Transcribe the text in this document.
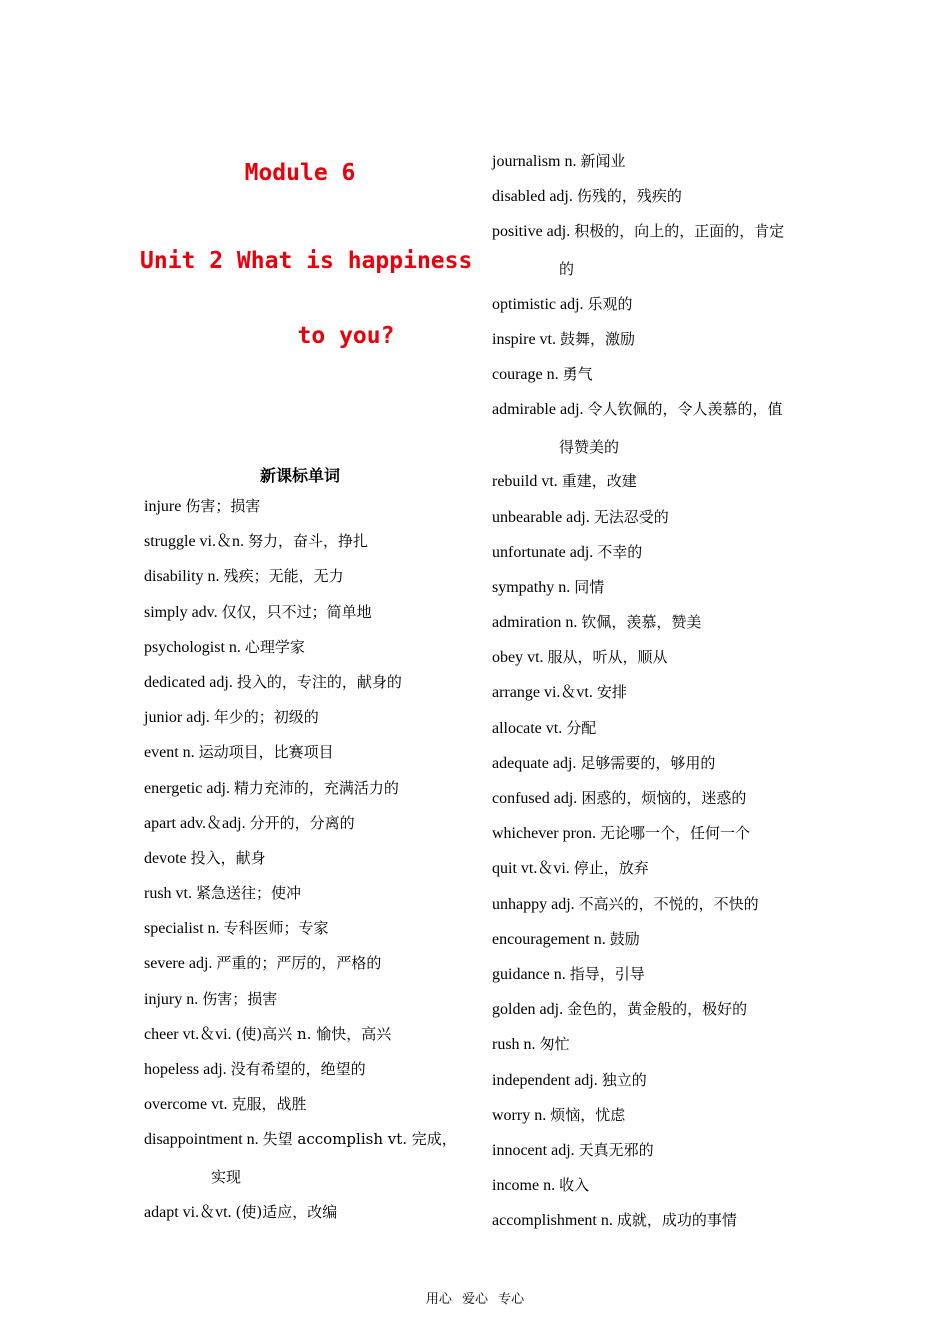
Module 6
Unit 2 What is happiness
to you?
新课标单词
injure 伤害；损害
struggle vi.＆n. 努力，奋斗，挣扎
disability n. 残疾；无能，无力
simply adv. 仅仅，只不过；简单地
psychologist n. 心理学家
dedicated adj. 投入的，专注的，献身的
junior adj. 年少的；初级的
event n. 运动项目，比赛项目
energetic adj. 精力充沛的，充满活力的
apart adv.＆adj. 分开的，分离的
devote 投入，献身
rush vt. 紧急送往；使冲
specialist n. 专科医师；专家
severe adj. 严重的；严厉的，严格的
injury n. 伤害；损害
cheer vt.＆vi. (使)高兴 n. 愉快，高兴
hopeless adj. 没有希望的，绝望的
overcome vt. 克服，战胜
disappointment n. 失望 accomplish vt. 完成，
实现
adapt vi.＆vt. (使)适应，改编
journalism n. 新闻业
disabled adj. 伤残的，残疾的
positive adj. 积极的，向上的，正面的，肯定
的
optimistic adj. 乐观的
inspire vt. 鼓舞，激励
courage n. 勇气
admirable adj. 令人钦佩的，令人羡慕的，值
得赞美的
rebuild vt. 重建，改建
unbearable adj. 无法忍受的
unfortunate adj. 不幸的
sympathy n. 同情
admiration n. 钦佩，羡慕，赞美
obey vt. 服从，听从，顺从
arrange vi.＆vt. 安排
allocate vt. 分配
adequate adj. 足够需要的，够用的
confused adj. 困惑的，烦恼的，迷惑的
whichever pron. 无论哪一个，任何一个
quit vt.＆vi. 停止，放弃
unhappy adj. 不高兴的，不悦的，不快的
encouragement n. 鼓励
guidance n. 指导，引导
golden adj. 金色的，黄金般的，极好的
rush n. 匆忙
independent adj. 独立的
worry n. 烦恼，忧虑
innocent adj. 天真无邪的
income n. 收入
accomplishment n. 成就，成功的事情
用心 爱心 专心
